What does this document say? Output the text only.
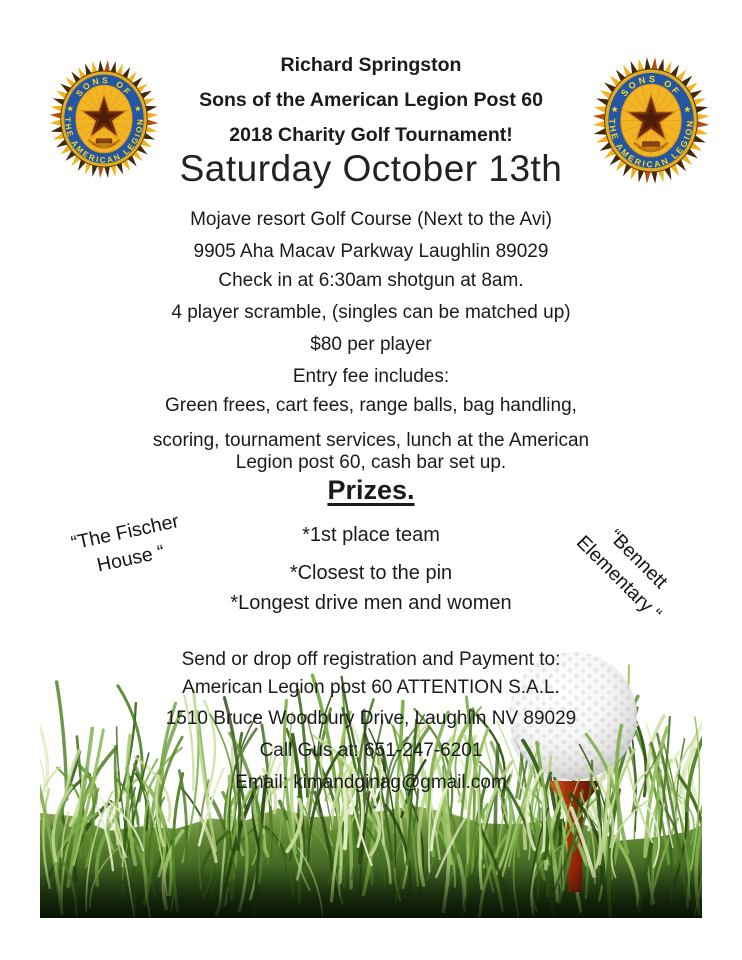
Richard Springston
Sons of the American Legion Post 60
2018 Charity Golf Tournament!
Saturday October 13th
Mojave resort Golf Course (Next to the Avi)
9905 Aha Macav Parkway Laughlin 89029
Check in at 6:30am shotgun at 8am.
4 player scramble, (singles can be matched up)
$80 per player
Entry fee includes:
Green frees, cart fees, range balls, bag handling,
scoring, tournament services, lunch at the American
Legion post 60, cash bar set up.
Prizes.
*1st place team
*Closest to the pin
*Longest drive men and women
“The Fischer House “	“Bennett Elementary “
Send or drop off registration and Payment to:
American Legion post 60 ATTENTION S.A.L.
1510 Bruce Woodbury Drive, Laughlin NV 89029
Call Gus at: 651-247-6201
Email: kimandginag@gmail.com
